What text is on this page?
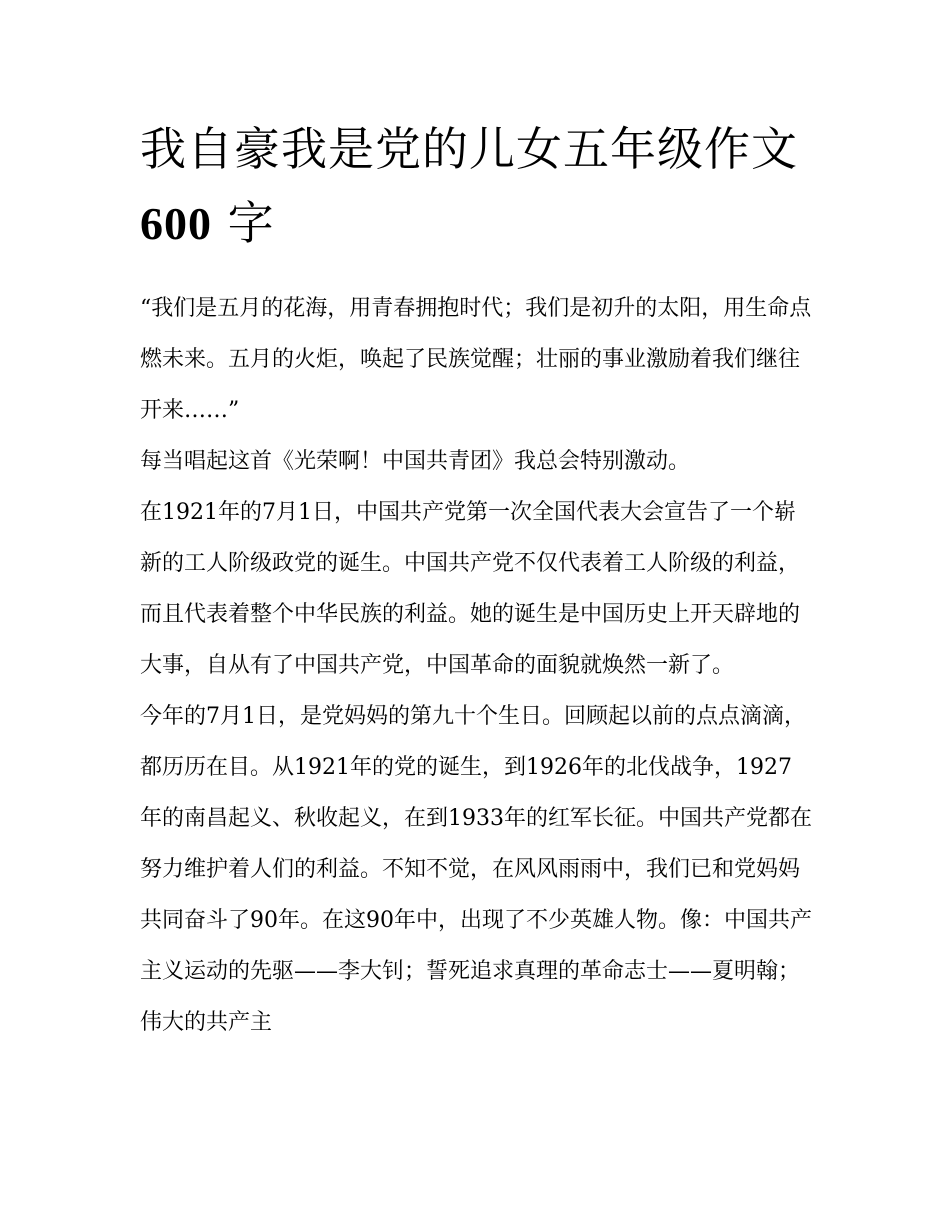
我自豪我是党的儿女五年级作文 600 字

“我们是五月的花海，用青春拥抱时代；我们是初升的太阳，用生命点燃未来。五月的火炬，唤起了民族觉醒；壮丽的事业激励着我们继往开来……”

每当唱起这首《光荣啊！中国共青团》我总会特别激动。

在1921年的7月1日，中国共产党第一次全国代表大会宣告了一个崭新的工人阶级政党的诞生。中国共产党不仅代表着工人阶级的利益，而且代表着整个中华民族的利益。她的诞生是中国历史上开天辟地的大事，自从有了中国共产党，中国革命的面貌就焕然一新了。

今年的7月1日，是党妈妈的第九十个生日。回顾起以前的点点滴滴，都历历在目。从1921年的党的诞生，到1926年的北伐战争，1927年的南昌起义、秋收起义，在到1933年的红军长征。中国共产党都在努力维护着人们的利益。不知不觉，在风风雨雨中，我们已和党妈妈共同奋斗了90年。在这90年中，出现了不少英雄人物。像：中国共产主义运动的先驱——李大钊；誓死追求真理的革命志士——夏明翰；伟大的共产主
